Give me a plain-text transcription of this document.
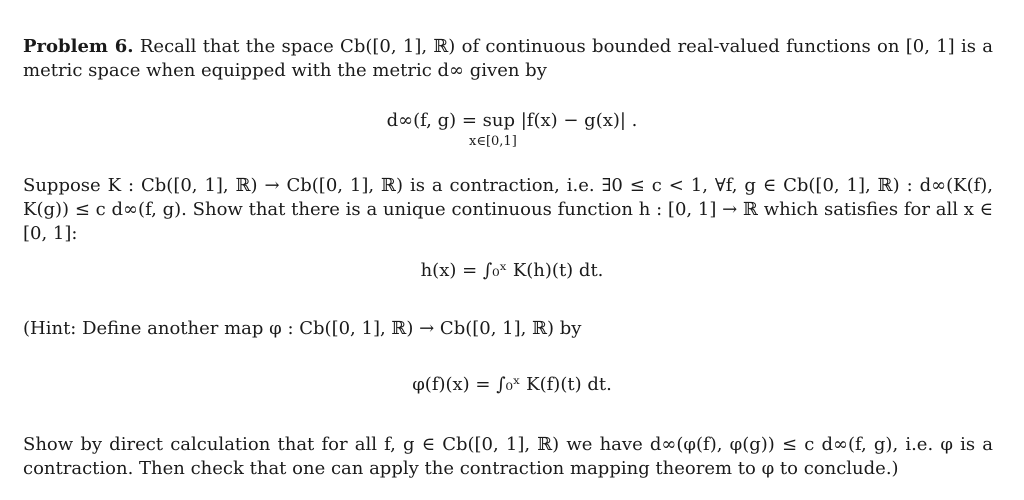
Problem 6. Recall that the space Cb([0, 1], ℝ) of continuous bounded real-valued functions on [0, 1] is a metric space when equipped with the metric d∞ given by
d∞(f, g) = sup |f(x) − g(x)| .
x∈[0,1]
Suppose K : Cb([0, 1], ℝ) → Cb([0, 1], ℝ) is a contraction, i.e. ∃0 ≤ c < 1, ∀f, g ∈ Cb([0, 1], ℝ) : d∞(K(f), K(g)) ≤ c d∞(f, g). Show that there is a unique continuous function h : [0, 1] → ℝ which satisfies for all x ∈ [0, 1]:
h(x) = ∫₀ˣ K(h)(t) dt.
(Hint: Define another map φ : Cb([0, 1], ℝ) → Cb([0, 1], ℝ) by
φ(f)(x) = ∫₀ˣ K(f)(t) dt.
Show by direct calculation that for all f, g ∈ Cb([0, 1], ℝ) we have d∞(φ(f), φ(g)) ≤ c d∞(f, g), i.e. φ is a contraction. Then check that one can apply the contraction mapping theorem to φ to conclude.)
